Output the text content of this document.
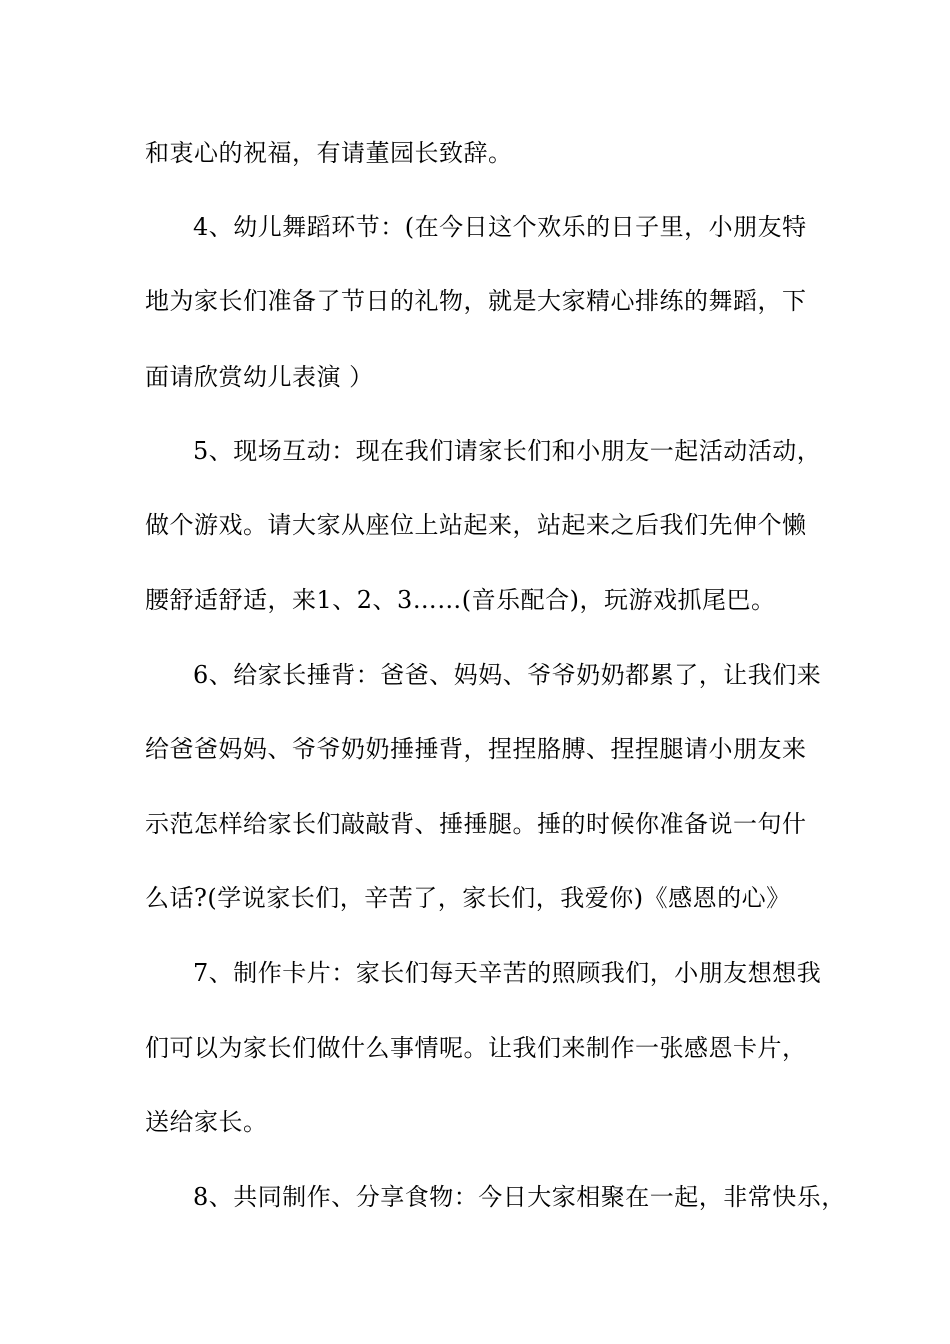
和衷心的祝福，有请董园长致辞。
4、幼儿舞蹈环节：(在今日这个欢乐的日子里，小朋友特
地为家长们准备了节日的礼物，就是大家精心排练的舞蹈，下
面请欣赏幼儿表演 ）
5、现场互动：现在我们请家长们和小朋友一起活动活动，
做个游戏。请大家从座位上站起来，站起来之后我们先伸个懒
腰舒适舒适，来1、2、3……(音乐配合)，玩游戏抓尾巴。
6、给家长捶背：爸爸、妈妈、爷爷奶奶都累了，让我们来
给爸爸妈妈、爷爷奶奶捶捶背，捏捏胳膊、捏捏腿请小朋友来
示范怎样给家长们敲敲背、捶捶腿。捶的时候你准备说一句什
么话?(学说家长们，辛苦了，家长们，我爱你)《感恩的心》
7、制作卡片：家长们每天辛苦的照顾我们，小朋友想想我
们可以为家长们做什么事情呢。让我们来制作一张感恩卡片，
送给家长。
8、共同制作、分享食物：今日大家相聚在一起，非常快乐，
